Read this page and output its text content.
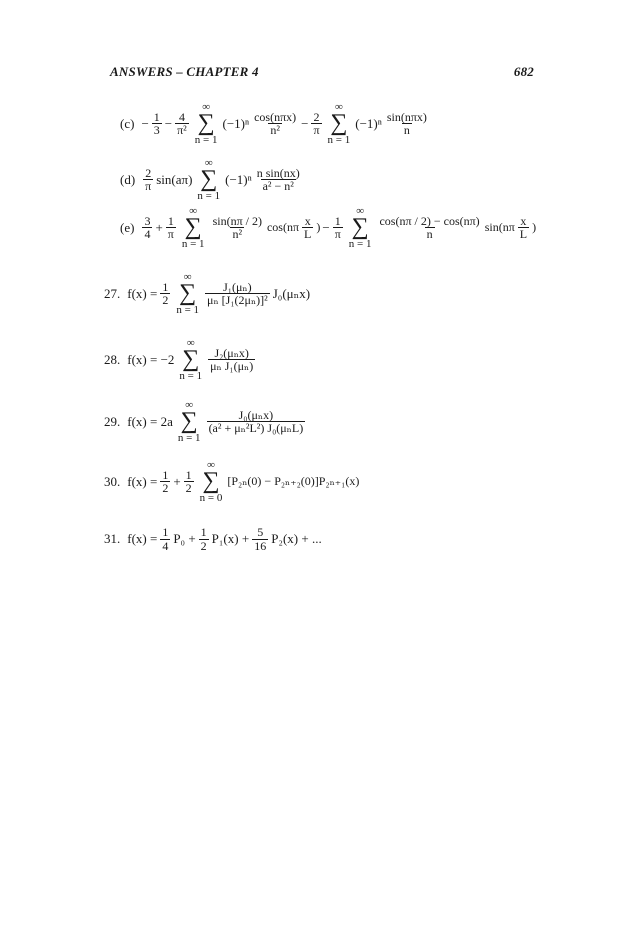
ANSWERS – CHAPTER 4	682
$(c) - \frac{1}{3} - \frac{4}{\text{π²}}$
∞
∑
n = 1
$(-1)^n \frac{\text{cos(nπx)}}{\text{n²}} - \frac{2}{\pi}$
∞
∑
n = 1
$(-1)^n \frac{\text{sin(nπx)}}{n}$
$(d) \frac{2}{\pi} \sin(a\pi)$
∞
∑
n = 1
$(-1)^n \frac{\text{n sin(nx)}}{\text{a² − n²}}$
$(e) \frac{3}{4} + \frac{1}{\pi}$
∞
∑
n = 1
$\frac{\sin(n\pi / 2)}{\text{n²}} \cos(n\pi \frac{x}{L}$ ) − $\frac{1}{\pi}$
∞
∑
n = 1
$\frac{\cos(n\pi / 2) - \cos(n\pi)}{n} \sin(n\pi \frac{x}{L}$ )
27. $f(x) = \frac{1}{2}$
∞
∑
n = 1
$\frac{\text{J₁(μₙ)}}{\text{μₙ [J₁(2μₙ)]²}} J_0(\mu_nx)$
28. f(x) = −2
∞
∑
n = 1
$\frac{\text{J₂(μₙx)}}{\text{μₙ J₁(μₙ)}}$
29. f(x) = 2a
∞
∑
n = 1
$\frac{\text{J₀(μₙx)}}{\text{(a² + μₙ²L²) J₀(μₙL)}}$
30. $f(x) = \frac{1}{2} + \frac{1}{2}$
∞
∑
n = 0
[P₂ₙ(0) − P₂ₙ₊₂(0)]P₂ₙ₊₁(x)
31. $f(x) = \frac{1}{4} P_0 + \frac{1}{2} P_1(x) + \frac{5}{16} P_2(x)$ + ...
